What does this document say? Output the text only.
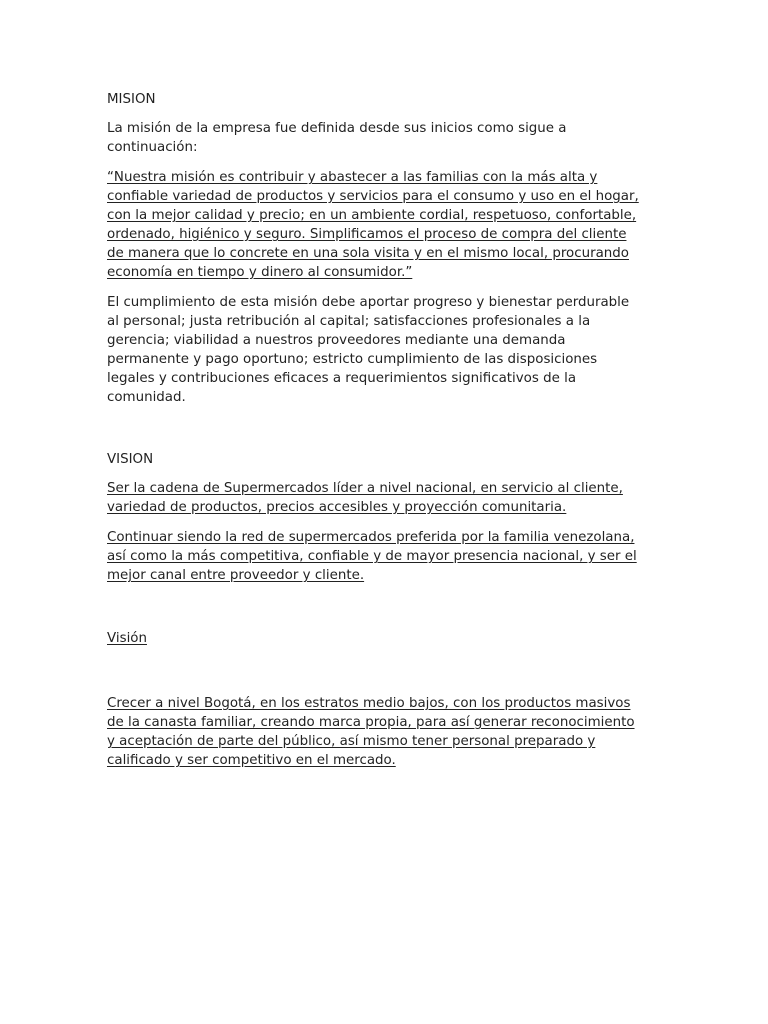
MISION

La misión de la empresa fue definida desde sus inicios como sigue a
continuación:

“Nuestra misión es contribuir y abastecer a las familias con la más alta y
confiable variedad de productos y servicios para el consumo y uso en el hogar,
con la mejor calidad y precio; en un ambiente cordial, respetuoso, confortable,
ordenado, higiénico y seguro. Simplificamos el proceso de compra del cliente
de manera que lo concrete en una sola visita y en el mismo local, procurando
economía en tiempo y dinero al consumidor.”

El cumplimiento de esta misión debe aportar progreso y bienestar perdurable
al personal; justa retribución al capital; satisfacciones profesionales a la
gerencia; viabilidad a nuestros proveedores mediante una demanda
permanente y pago oportuno; estricto cumplimiento de las disposiciones
legales y contribuciones eficaces a requerimientos significativos de la
comunidad.

VISION

Ser la cadena de Supermercados líder a nivel nacional, en servicio al cliente,
variedad de productos, precios accesibles y proyección comunitaria.

Continuar siendo la red de supermercados preferida por la familia venezolana,
así como la más competitiva, confiable y de mayor presencia nacional, y ser el
mejor canal entre proveedor y cliente.

Visión

Crecer a nivel Bogotá, en los estratos medio bajos, con los productos masivos
de la canasta familiar, creando marca propia, para así generar reconocimiento
y aceptación de parte del público, así mismo tener personal preparado y
calificado y ser competitivo en el mercado.
